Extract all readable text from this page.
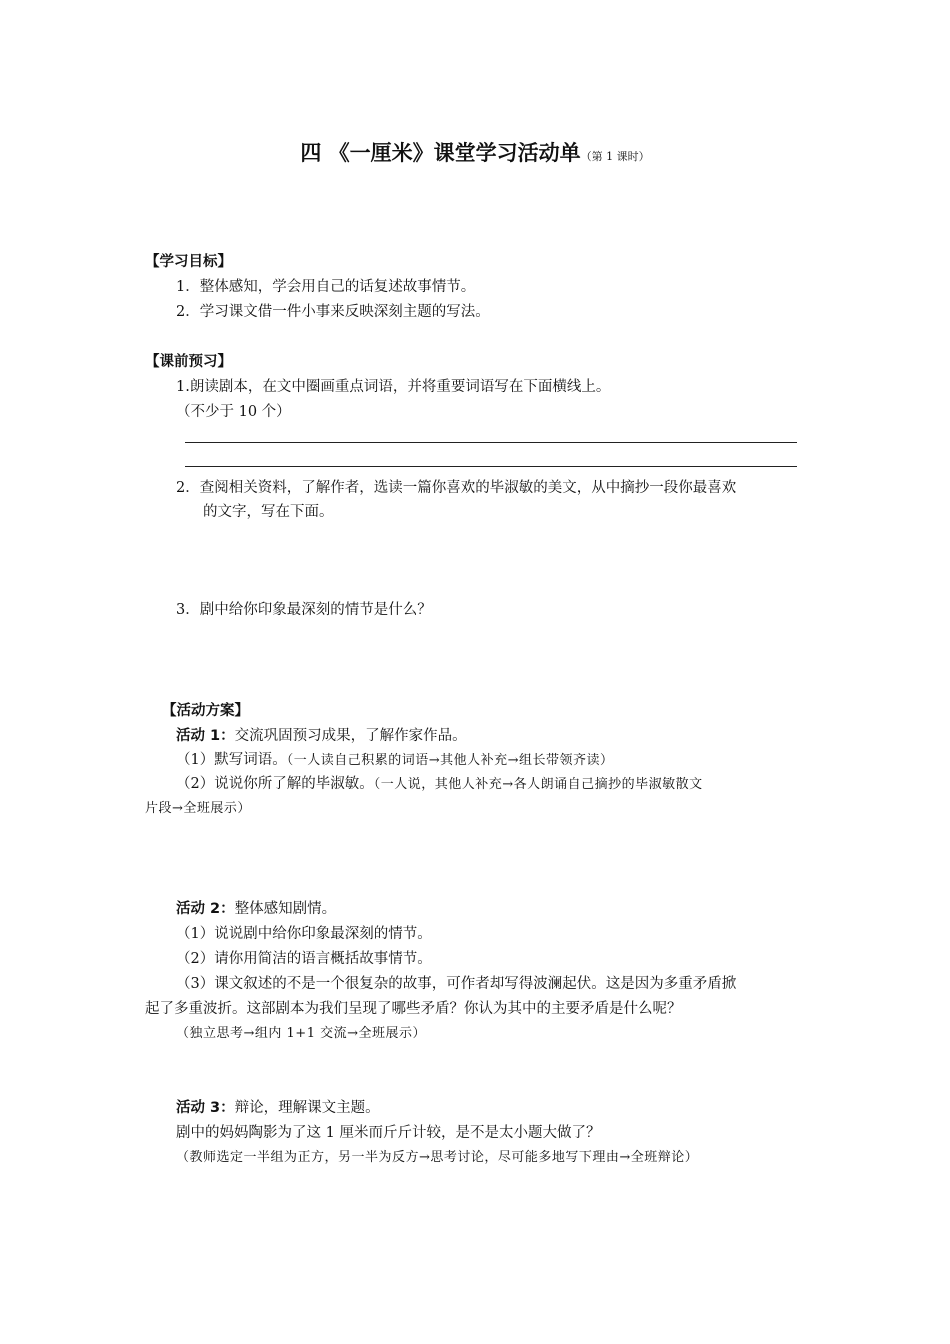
四 《一厘米》课堂学习活动单（第 1 课时）
【学习目标】
1．整体感知，学会用自己的话复述故事情节。
2．学习课文借一件小事来反映深刻主题的写法。
【课前预习】
1.朗读剧本，在文中圈画重点词语，并将重要词语写在下面横线上。
（不少于 10 个）
2．查阅相关资料，了解作者，选读一篇你喜欢的毕淑敏的美文，从中摘抄一段你最喜欢
的文字，写在下面。
3．剧中给你印象最深刻的情节是什么？
【活动方案】
活动 1：交流巩固预习成果，了解作家作品。
（1）默写词语。（一人读自己积累的词语→其他人补充→组长带领齐读）
（2）说说你所了解的毕淑敏。（一人说，其他人补充→各人朗诵自己摘抄的毕淑敏散文
片段→全班展示）
活动 2：整体感知剧情。
（1）说说剧中给你印象最深刻的情节。
（2）请你用简洁的语言概括故事情节。
（3）课文叙述的不是一个很复杂的故事，可作者却写得波澜起伏。这是因为多重矛盾掀
起了多重波折。这部剧本为我们呈现了哪些矛盾？你认为其中的主要矛盾是什么呢？
（独立思考→组内 1+1 交流→全班展示）
活动 3：辩论，理解课文主题。
剧中的妈妈陶影为了这 1 厘米而斤斤计较，是不是太小题大做了？
（教师选定一半组为正方，另一半为反方→思考讨论，尽可能多地写下理由→全班辩论）
